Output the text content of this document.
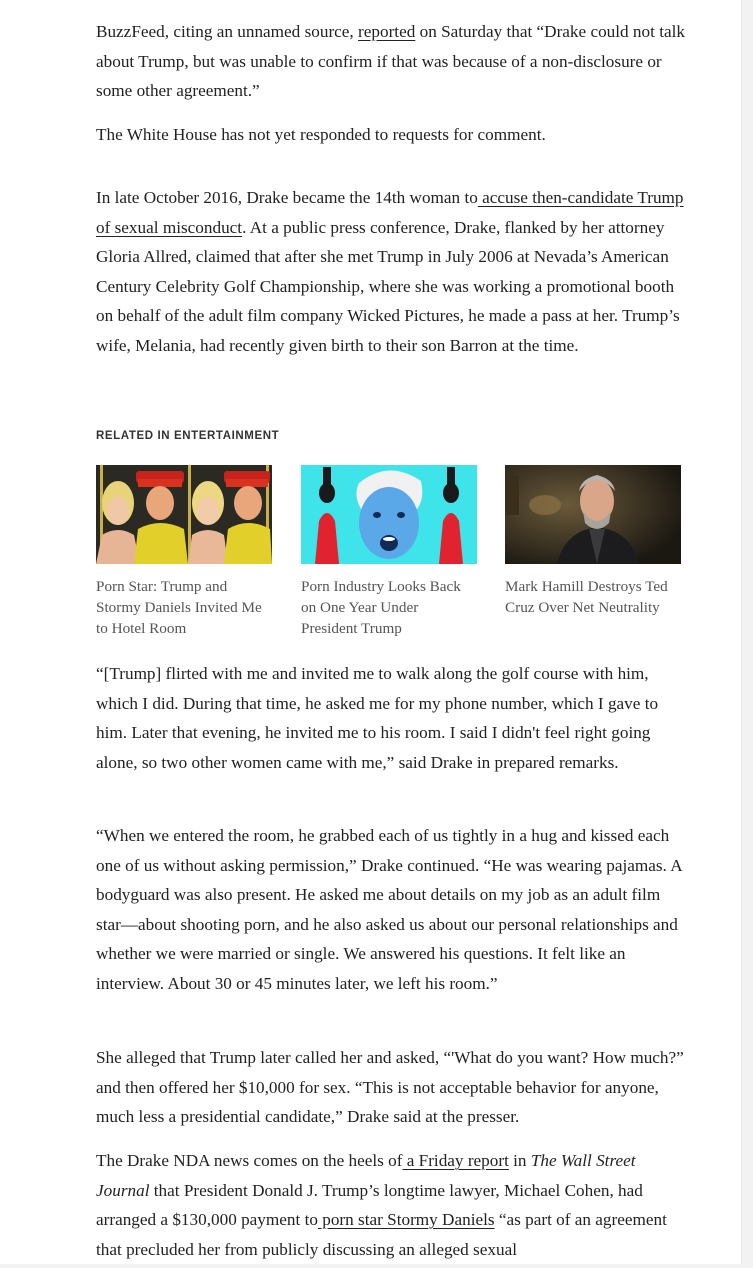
BuzzFeed, citing an unnamed source, reported on Saturday that “Drake could not talk about Trump, but was unable to confirm if that was because of a non-disclosure or some other agreement.”

The White House has not yet responded to requests for comment.

In late October 2016, Drake became the 14th woman to accuse then-candidate Trump of sexual misconduct. At a public press conference, Drake, flanked by her attorney Gloria Allred, claimed that after she met Trump in July 2006 at Nevada’s American Century Celebrity Golf Championship, where she was working a promotional booth on behalf of the adult film company Wicked Pictures, he made a pass at her. Trump’s wife, Melania, had recently given birth to their son Barron at the time.

RELATED IN ENTERTAINMENT
Porn Star: Trump and Stormy Daniels Invited Me to Hotel Room
Porn Industry Looks Back on One Year Under President Trump
Mark Hamill Destroys Ted Cruz Over Net Neutrality

“[Trump] flirted with me and invited me to walk along the golf course with him, which I did. During that time, he asked me for my phone number, which I gave to him. Later that evening, he invited me to his room. I said I didn't feel right going alone, so two other women came with me,” said Drake in prepared remarks.

“When we entered the room, he grabbed each of us tightly in a hug and kissed each one of us without asking permission,” Drake continued. “He was wearing pajamas. A bodyguard was also present. He asked me about details on my job as an adult film star—about shooting porn, and he also asked us about our personal relationships and whether we were married or single. We answered his questions. It felt like an interview. About 30 or 45 minutes later, we left his room.”

She alleged that Trump later called her and asked, “'What do you want? How much?” and then offered her $10,000 for sex. “This is not acceptable behavior for anyone, much less a presidential candidate,” Drake said at the presser.

The Drake NDA news comes on the heels of a Friday report in The Wall Street Journal that President Donald J. Trump’s longtime lawyer, Michael Cohen, had arranged a $130,000 payment to porn star Stormy Daniels “as part of an agreement that precluded her from publicly discussing an alleged sexual
